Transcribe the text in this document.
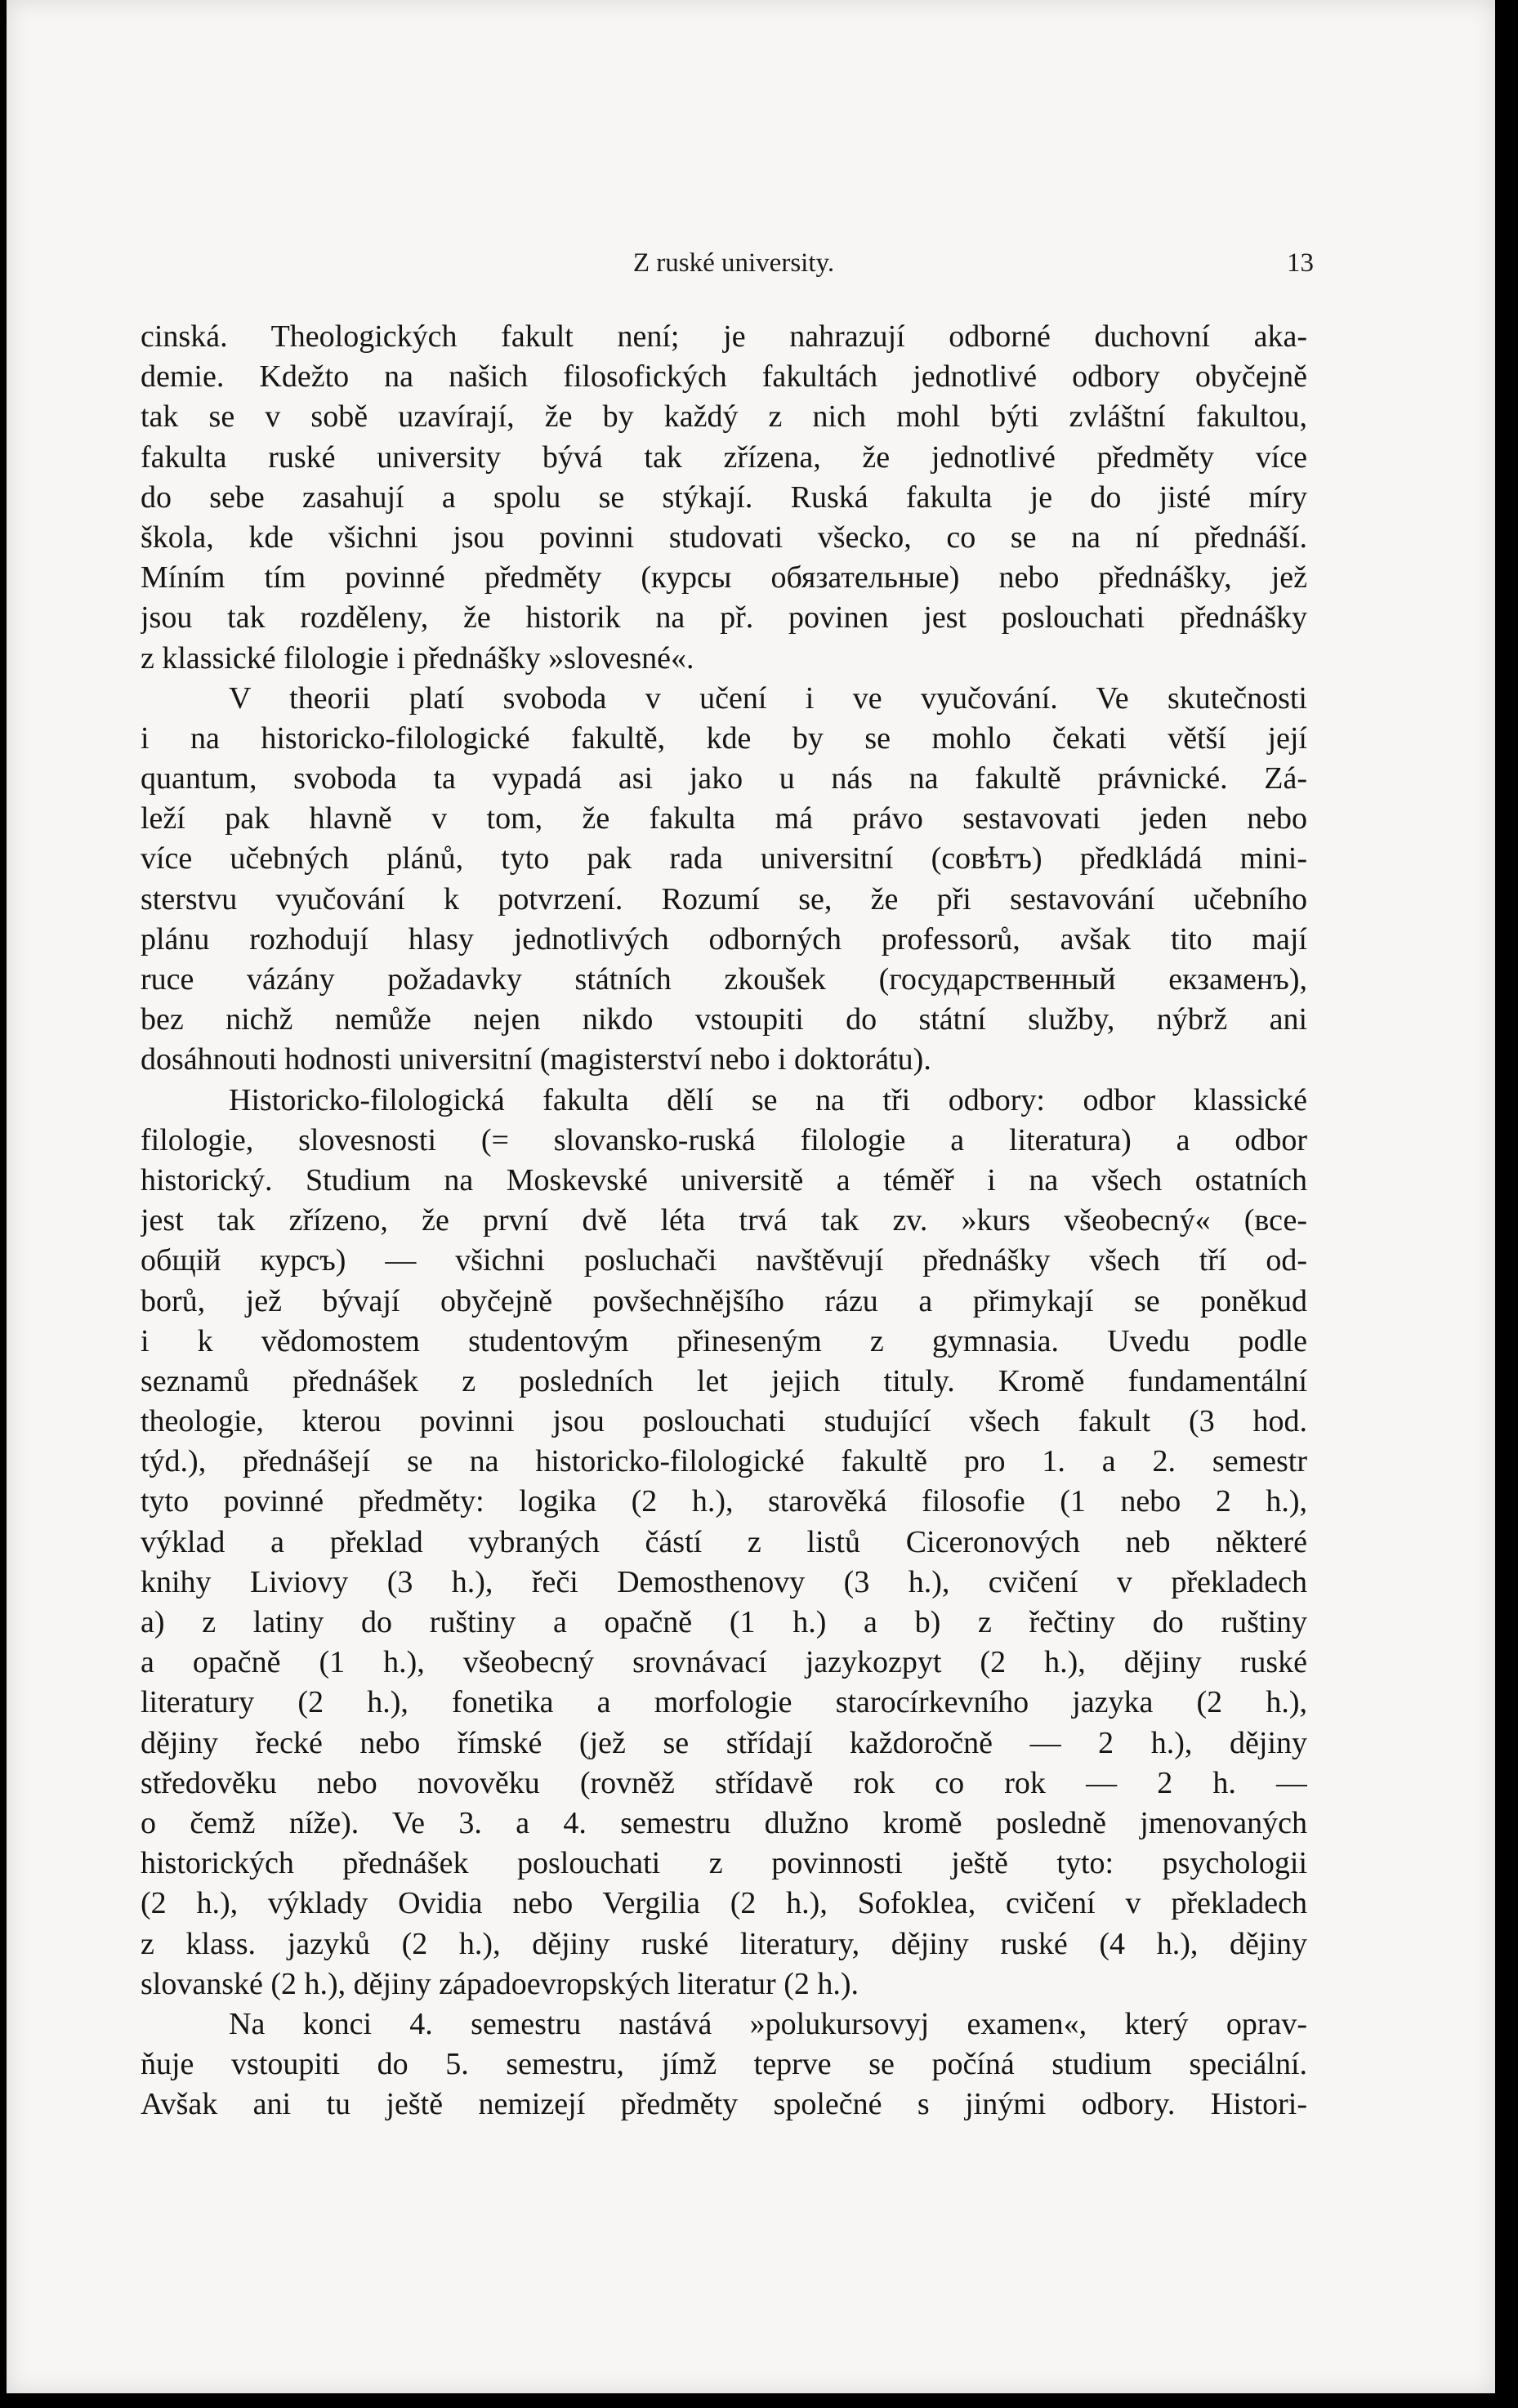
Z ruské university.	13
cinská. Theologických fakult není; je nahrazují odborné duchovní aka-
demie. Kdežto na našich filosofických fakultách jednotlivé odbory obyčejně
tak se v sobě uzavírají, že by každý z nich mohl býti zvláštní fakultou,
fakulta ruské university bývá tak zřízena, že jednotlivé předměty více
do sebe zasahují a spolu se stýkají. Ruská fakulta je do jisté míry
škola, kde všichni jsou povinni studovati všecko, co se na ní přednáší.
Míním tím povinné předměty (курсы обязательные) nebo přednášky, jež
jsou tak rozděleny, že historik na př. povinen jest poslouchati přednášky
z klassické filologie i přednášky »slovesné«.
V theorii platí svoboda v učení i ve vyučování. Ve skutečnosti
i na historicko-filologické fakultě, kde by se mohlo čekati větší její
quantum, svoboda ta vypadá asi jako u nás na fakultě právnické. Zá-
leží pak hlavně v tom, že fakulta má právo sestavovati jeden nebo
více učebných plánů, tyto pak rada universitní (совѣтъ) předkládá mini-
sterstvu vyučování k potvrzení. Rozumí se, že při sestavování učebního
plánu rozhodují hlasy jednotlivých odborných professorů, avšak tito mají
ruce vázány požadavky státních zkoušek (государственный екзаменъ),
bez nichž nemůže nejen nikdo vstoupiti do státní služby, nýbrž ani
dosáhnouti hodnosti universitní (magisterství nebo i doktorátu).
Historicko-filologická fakulta dělí se na tři odbory: odbor klassické
filologie, slovesnosti (= slovansko-ruská filologie a literatura) a odbor
historický. Studium na Moskevské universitě a téměř i na všech ostatních
jest tak zřízeno, že první dvě léta trvá tak zv. »kurs všeobecný« (все-
общій курсъ) — všichni posluchači navštěvují přednášky všech tří od-
borů, jež bývají obyčejně povšechnějšího rázu a přimykají se poněkud
i k vědomostem studentovým přineseným z gymnasia. Uvedu podle
seznamů přednášek z posledních let jejich tituly. Kromě fundamentální
theologie, kterou povinni jsou poslouchati studující všech fakult (3 hod.
týd.), přednášejí se na historicko-filologické fakultě pro 1. a 2. semestr
tyto povinné předměty: logika (2 h.), starověká filosofie (1 nebo 2 h.),
výklad a překlad vybraných částí z listů Ciceronových neb některé
knihy Liviovy (3 h.), řeči Demosthenovy (3 h.), cvičení v překladech
a) z latiny do ruštiny a opačně (1 h.) a b) z řečtiny do ruštiny
a opačně (1 h.), všeobecný srovnávací jazykozpyt (2 h.), dějiny ruské
literatury (2 h.), fonetika a morfologie starocírkevního jazyka (2 h.),
dějiny řecké nebo římské (jež se střídají každoročně — 2 h.), dějiny
středověku nebo novověku (rovněž střídavě rok co rok — 2 h. —
o čemž níže). Ve 3. a 4. semestru dlužno kromě posledně jmenovaných
historických přednášek poslouchati z povinnosti ještě tyto: psychologii
(2 h.), výklady Ovidia nebo Vergilia (2 h.), Sofoklea, cvičení v překladech
z klass. jazyků (2 h.), dějiny ruské literatury, dějiny ruské (4 h.), dějiny
slovanské (2 h.), dějiny západoevropských literatur (2 h.).
Na konci 4. semestru nastává »polukursovyj examen«, který oprav-
ňuje vstoupiti do 5. semestru, jímž teprve se počíná studium speciální.
Avšak ani tu ještě nemizejí předměty společné s jinými odbory. Histori-
